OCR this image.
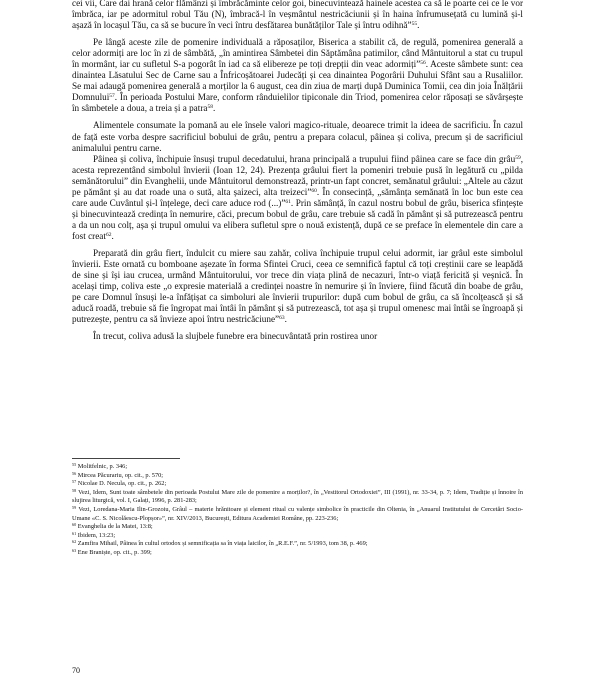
cei vii, Care dai hrană celor flămânzi și îmbrăcăminte celor goi, binecuvintează hainele acestea ca să le poarte cei ce le vor îmbrăca, iar pe adormitul robul Tău (N), îmbracă-l în veșmântul nestricăciunii și în haina înfrumusețată cu lumină și-l așază în locașul Tău, ca să se bucure în veci întru desfătarea bunătăților Tale și întru odihnă”$^{55}$.

Pe lângă aceste zile de pomenire individuală a răposaților, Biserica a stabilit că, de regulă, pomenirea generală a celor adormiți are loc în zi de sâmbătă, „în amintirea Sâmbetei din Săptămâna patimilor, când Mântuitorul a stat cu trupul în mormânt, iar cu sufletul S-a pogorât în iad ca să elibereze pe toți drepții din veac adormiți”$^{56}$. Aceste sâmbete sunt: cea dinaintea Lăsatului Sec de Carne sau a Înfricoșătoarei Judecăți și cea dinaintea Pogorârii Duhului Sfânt sau a Rusaliilor. Se mai adaugă pomenirea generală a morților la 6 august, cea din ziua de marți după Duminica Tomii, cea din joia Înălțării Domnului$^{57}$. În perioada Postului Mare, conform rânduielilor tipiconale din Triod, pomenirea celor răposați se săvârșește în sâmbetele a doua, a treia și a patra$^{58}$.

Alimentele consumate la pomană au ele însele valori magico-rituale, deoarece trimit la ideea de sacrificiu. În cazul de față este vorba despre sacrificiul bobului de grâu, pentru a prepara colacul, pâinea și coliva, precum și de sacrificiul animalului pentru carne.

Pâinea și coliva, închipuie însuși trupul decedatului, hrana principală a trupului fiind pâinea care se face din grâu$^{59}$, acesta reprezentând simbolul învierii (Ioan 12, 24). Prezența grâului fiert la pomeniri trebuie pusă în legătură cu „pilda semănătorului” din Evanghelii, unde Mântuitorul demonstrează, printr-un fapt concret, semănatul grâului: „Altele au căzut pe pământ și au dat roade una o sută, alta șaizeci, alta treizeci”$^{60}$. În consecință, „sămânța semănată în loc bun este cea care aude Cuvântul și-l înțelege, deci care aduce rod (...)”$^{61}$. Prin sămânță, în cazul nostru bobul de grâu, biserica sfințește și binecuvintează credința în nemurire, căci, precum bobul de grâu, care trebuie să cadă în pământ și să putrezească pentru a da un nou colț, așa și trupul omului va elibera sufletul spre o nouă existență, după ce se preface în elementele din care a fost creat$^{62}$.

Preparată din grâu fiert, îndulcit cu miere sau zahăr, coliva închipuie trupul celui adormit, iar grâul este simbolul învierii. Este ornată cu bomboane așezate în forma Sfintei Cruci, ceea ce semnifică faptul că toți creștinii care se leapădă de sine și își iau crucea, urmând Mântuitorului, vor trece din viața plină de necazuri, într-o viață fericită și veșnică. În același timp, coliva este „o expresie materială a credinței noastre în nemurire și în înviere, fiind făcută din boabe de grâu, pe care Domnul însuși le-a înfățișat ca simboluri ale învierii trupurilor: după cum bobul de grâu, ca să încolțească și să aducă roadă, trebuie să fie îngropat mai întâi în pământ și să putrezească, tot așa și trupul omenesc mai întâi se îngroapă și putrezește, pentru ca să învieze apoi întru nestricăciune”$^{63}$.

În trecut, coliva adusă la slujbele funebre era binecuvântată prin rostirea unor

$^{55}$ Molitfelnic, p. 346;

$^{56}$ Mircea Păcurariu, op. cit., p. 570;

$^{57}$ Nicolae D. Necula, op. cit., p. 262;

$^{58}$ Vezi, Idem, Sunt toate sâmbetele din perioada Postului Mare zile de pomenire a morților?, în „Vestitorul Ortodoxiei”, III (1991), nr. 33-34, p. 7; Idem, Tradiție și înnoire în slujirea liturgică, vol. I, Galați, 1996, p. 281-283;

$^{59}$ Vezi, Loredana-Maria Ilin-Grozoiu, Grâul – materie hrănitoare și element ritual cu valențe simbolice în practicile din Oltenia, în „Anuarul Institutului de Cercetări Socio-Umane «C. S. Nicolăescu-Plopșor»”, nr. XIV/2013, București, Editura Academiei Române, pp. 223-236;

$^{60}$ Evanghelia de la Matei, 13:8;

$^{61}$ Ibidem, 13:23;

$^{62}$ Zamfira Mihail, Pâinea în cultul ortodox și semnificația sa în viața laicilor, în „R.E.F.”, nr. 5/1993, tom 38, p. 469;

$^{63}$ Ene Braniște, op. cit., p. 399;

70
